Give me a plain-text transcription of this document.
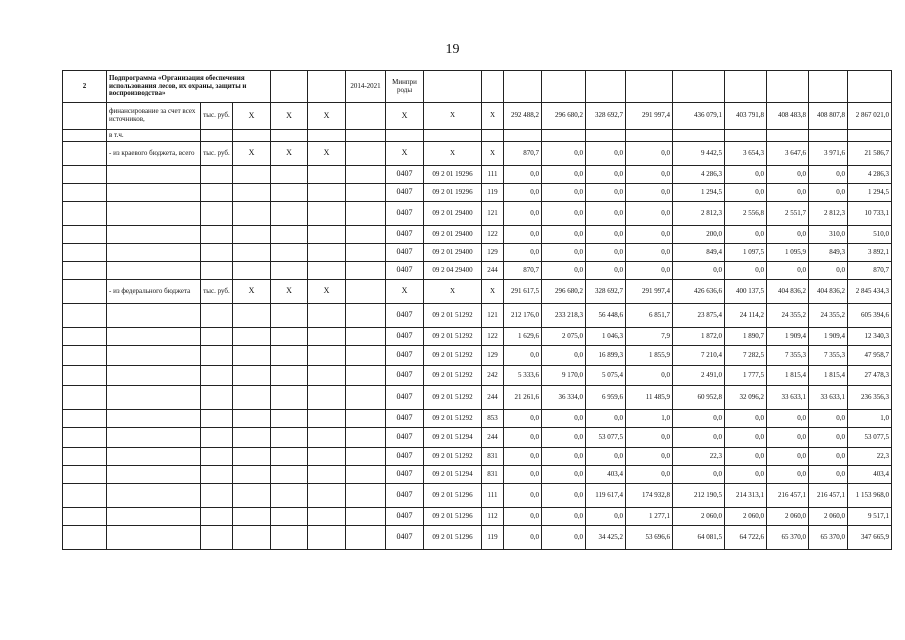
19
2	Подпрограмма «Организация обеспечения использования лесов, их охраны, защиты и воспроизводства»					2014-2021	Минпри роды											
	финансирование за счет всех источников,	тыс. руб.	X	X	X		X	X	X	292 488,2	296 680,2	328 692,7	291 997,4	436 079,1	403 791,8	408 483,8	408 807,8	2 867 021,0
	в т.ч.																	
	- из краевого бюджета, всего	тыс. руб.	X	X	X		X	X	X	870,7	0,0	0,0	0,0	9 442,5	3 654,3	3 647,6	3 971,6	21 586,7
							0407	09 2 01 19296	111	0,0	0,0	0,0	0,0	4 286,3	0,0	0,0	0,0	4 286,3
							0407	09 2 01 19296	119	0,0	0,0	0,0	0,0	1 294,5	0,0	0,0	0,0	1 294,5
							0407	09 2 01 29400	121	0,0	0,0	0,0	0,0	2 812,3	2 556,8	2 551,7	2 812,3	10 733,1
							0407	09 2 01 29400	122	0,0	0,0	0,0	0,0	200,0	0,0	0,0	310,0	510,0
							0407	09 2 01 29400	129	0,0	0,0	0,0	0,0	849,4	1 097,5	1 095,9	849,3	3 892,1
							0407	09 2 04 29400	244	870,7	0,0	0,0	0,0	0,0	0,0	0,0	0,0	870,7
	- из федерального бюджета	тыс. руб.	X	X	X		X	X	X	291 617,5	296 680,2	328 692,7	291 997,4	426 636,6	400 137,5	404 836,2	404 836,2	2 845 434,3
							0407	09 2 01 51292	121	212 176,0	233 218,3	56 448,6	6 851,7	23 875,4	24 114,2	24 355,2	24 355,2	605 394,6
							0407	09 2 01 51292	122	1 629,6	2 075,0	1 046,3	7,9	1 872,0	1 890,7	1 909,4	1 909,4	12 340,3
							0407	09 2 01 51292	129	0,0	0,0	16 899,3	1 855,9	7 210,4	7 282,5	7 355,3	7 355,3	47 958,7
							0407	09 2 01 51292	242	5 333,6	9 170,0	5 075,4	0,0	2 491,0	1 777,5	1 815,4	1 815,4	27 478,3
							0407	09 2 01 51292	244	21 261,6	36 334,0	6 959,6	11 485,9	60 952,8	32 096,2	33 633,1	33 633,1	236 356,3
							0407	09 2 01 51292	853	0,0	0,0	0,0	1,0	0,0	0,0	0,0	0,0	1,0
							0407	09 2 01 51294	244	0,0	0,0	53 077,5	0,0	0,0	0,0	0,0	0,0	53 077,5
							0407	09 2 01 51292	831	0,0	0,0	0,0	0,0	22,3	0,0	0,0	0,0	22,3
							0407	09 2 01 51294	831	0,0	0,0	403,4	0,0	0,0	0,0	0,0	0,0	403,4
							0407	09 2 01 51296	111	0,0	0,0	119 617,4	174 932,8	212 190,5	214 313,1	216 457,1	216 457,1	1 153 968,0
							0407	09 2 01 51296	112	0,0	0,0	0,0	1 277,1	2 060,0	2 060,0	2 060,0	2 060,0	9 517,1
							0407	09 2 01 51296	119	0,0	0,0	34 425,2	53 696,6	64 081,5	64 722,6	65 370,0	65 370,0	347 665,9
